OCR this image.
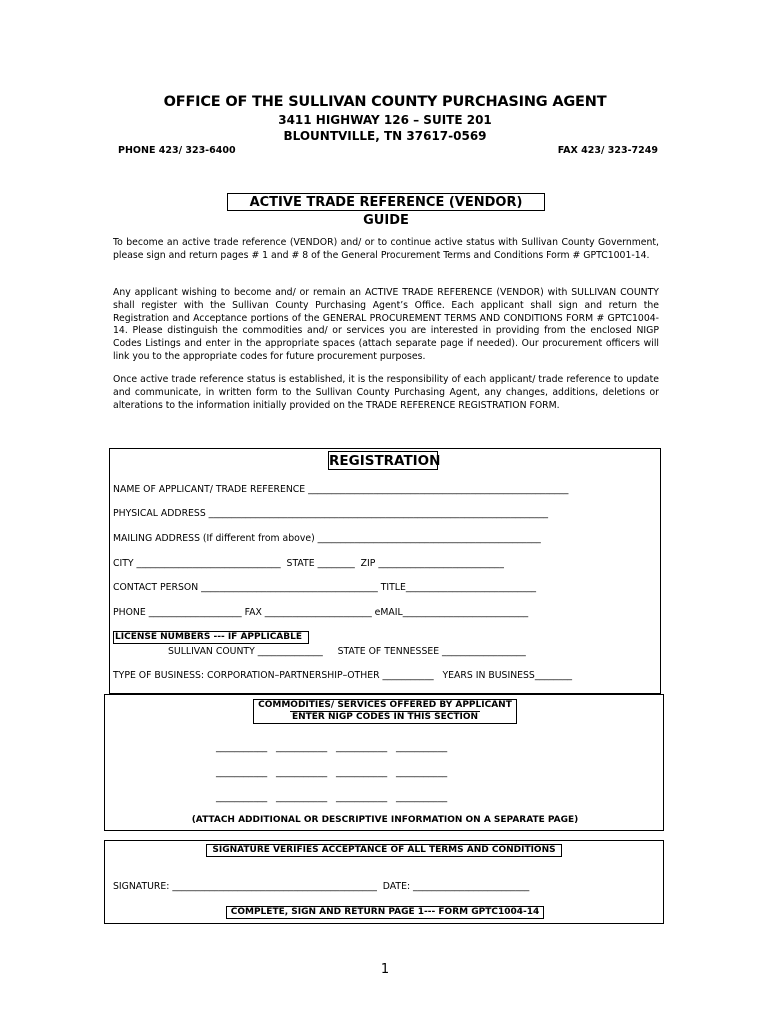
OFFICE OF THE SULLIVAN COUNTY PURCHASING AGENT
3411 HIGHWAY 126 – SUITE 201
BLOUNTVILLE, TN 37617-0569
PHONE 423/ 323-6400	FAX 423/ 323-7249
ACTIVE TRADE REFERENCE (VENDOR) GUIDE
To become an active trade reference (VENDOR) and/ or to continue active status with Sullivan County Government, please sign and return pages # 1 and # 8 of the General Procurement Terms and Conditions Form # GPTC1001-14.
Any applicant wishing to become and/ or remain an ACTIVE TRADE REFERENCE (VENDOR) with SULLIVAN COUNTY shall register with the Sullivan County Purchasing Agent’s Office. Each applicant shall sign and return the Registration and Acceptance portions of the GENERAL PROCUREMENT TERMS AND CONDITIONS FORM # GPTC1004-14. Please distinguish the commodities and/ or services you are interested in providing from the enclosed NIGP Codes Listings and enter in the appropriate spaces (attach separate page if needed). Our procurement officers will link you to the appropriate codes for future procurement purposes.
Once active trade reference status is established, it is the responsibility of each applicant/ trade reference to update and communicate, in written form to the Sullivan County Purchasing Agent, any changes, additions, deletions or alterations to the information initially provided on the TRADE REFERENCE REGISTRATION FORM.
REGISTRATION
NAME OF APPLICANT/ TRADE REFERENCE ________________________________________________________
PHYSICAL ADDRESS _________________________________________________________________________
MAILING ADDRESS (If different from above) ________________________________________________
CITY _______________________________  STATE ________  ZIP ___________________________
CONTACT PERSON ______________________________________ TITLE____________________________
PHONE ____________________ FAX _______________________ eMAIL___________________________
LICENSE NUMBERS --- IF APPLICABLE
SULLIVAN COUNTY ______________     STATE OF TENNESSEE __________________
TYPE OF BUSINESS: CORPORATION–PARTNERSHIP–OTHER ___________   YEARS IN BUSINESS________
COMMODITIES/ SERVICES OFFERED BY APPLICANT
ENTER NIGP CODES IN THIS SECTION
___________   ___________   ___________   ___________
___________   ___________   ___________   ___________
___________   ___________   ___________   ___________
(ATTACH ADDITIONAL OR DESCRIPTIVE INFORMATION ON A SEPARATE PAGE)
SIGNATURE VERIFIES ACCEPTANCE OF ALL TERMS AND CONDITIONS
SIGNATURE: ____________________________________________  DATE: _________________________
COMPLETE, SIGN AND RETURN PAGE 1--- FORM GPTC1004-14
1
